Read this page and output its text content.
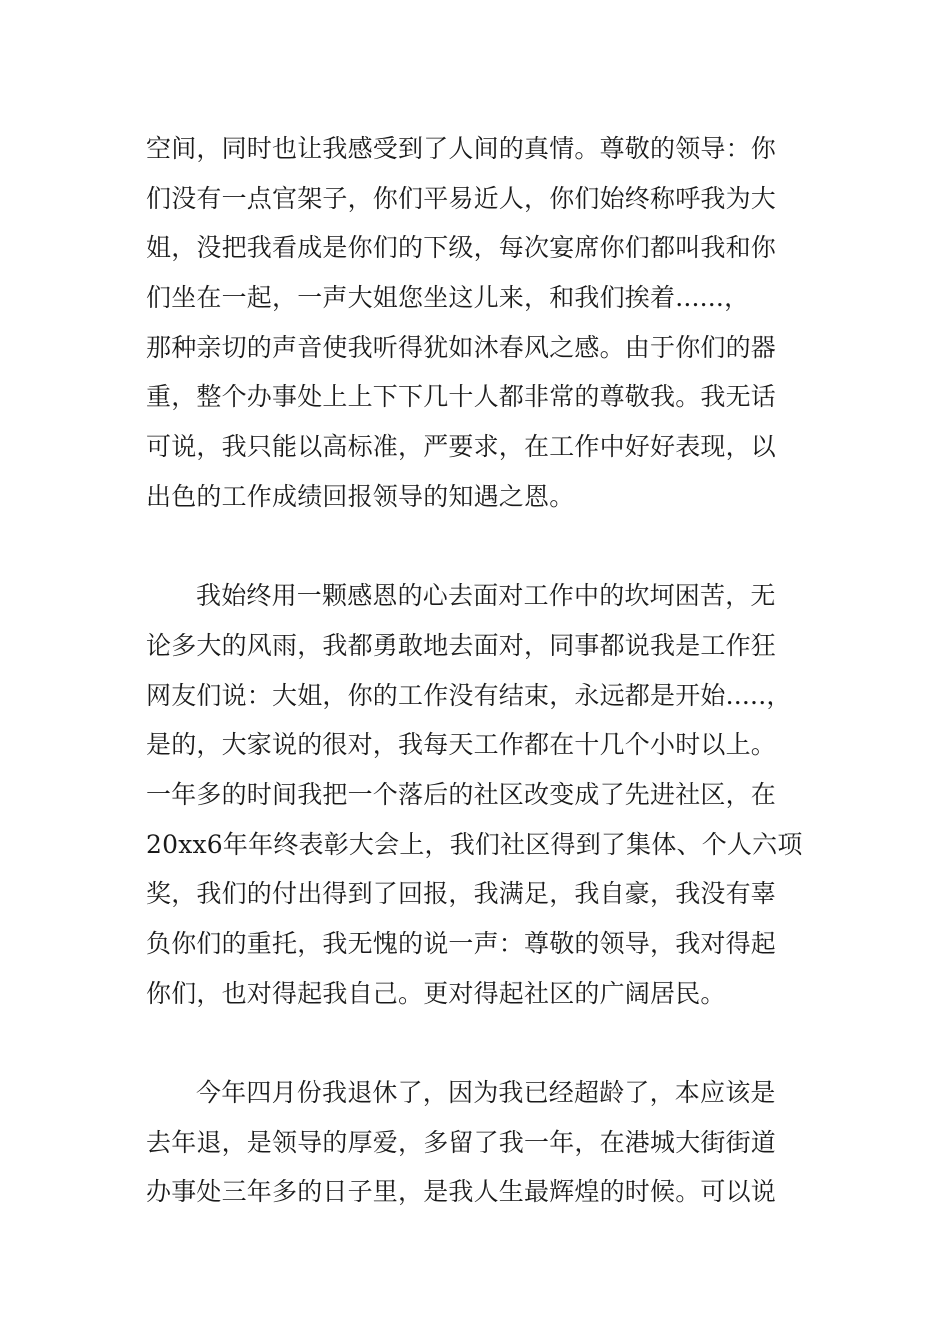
空间，同时也让我感受到了人间的真情。尊敬的领导：你
们没有一点官架子，你们平易近人，你们始终称呼我为大
姐，没把我看成是你们的下级，每次宴席你们都叫我和你
们坐在一起，一声大姐您坐这儿来，和我们挨着......，
那种亲切的声音使我听得犹如沐春风之感。由于你们的器
重，整个办事处上上下下几十人都非常的尊敬我。我无话
可说，我只能以高标准，严要求，在工作中好好表现，以
出色的工作成绩回报领导的知遇之恩。
我始终用一颗感恩的心去面对工作中的坎坷困苦，无
论多大的风雨，我都勇敢地去面对，同事都说我是工作狂
网友们说：大姐，你的工作没有结束，永远都是开始.....，
是的，大家说的很对，我每天工作都在十几个小时以上。
一年多的时间我把一个落后的社区改变成了先进社区，在
20xx6年年终表彰大会上，我们社区得到了集体、个人六项
奖，我们的付出得到了回报，我满足，我自豪，我没有辜
负你们的重托，我无愧的说一声：尊敬的领导，我对得起
你们，也对得起我自己。更对得起社区的广阔居民。
今年四月份我退休了，因为我已经超龄了，本应该是
去年退，是领导的厚爱，多留了我一年，在港城大街街道
办事处三年多的日子里，是我人生最辉煌的时候。可以说
